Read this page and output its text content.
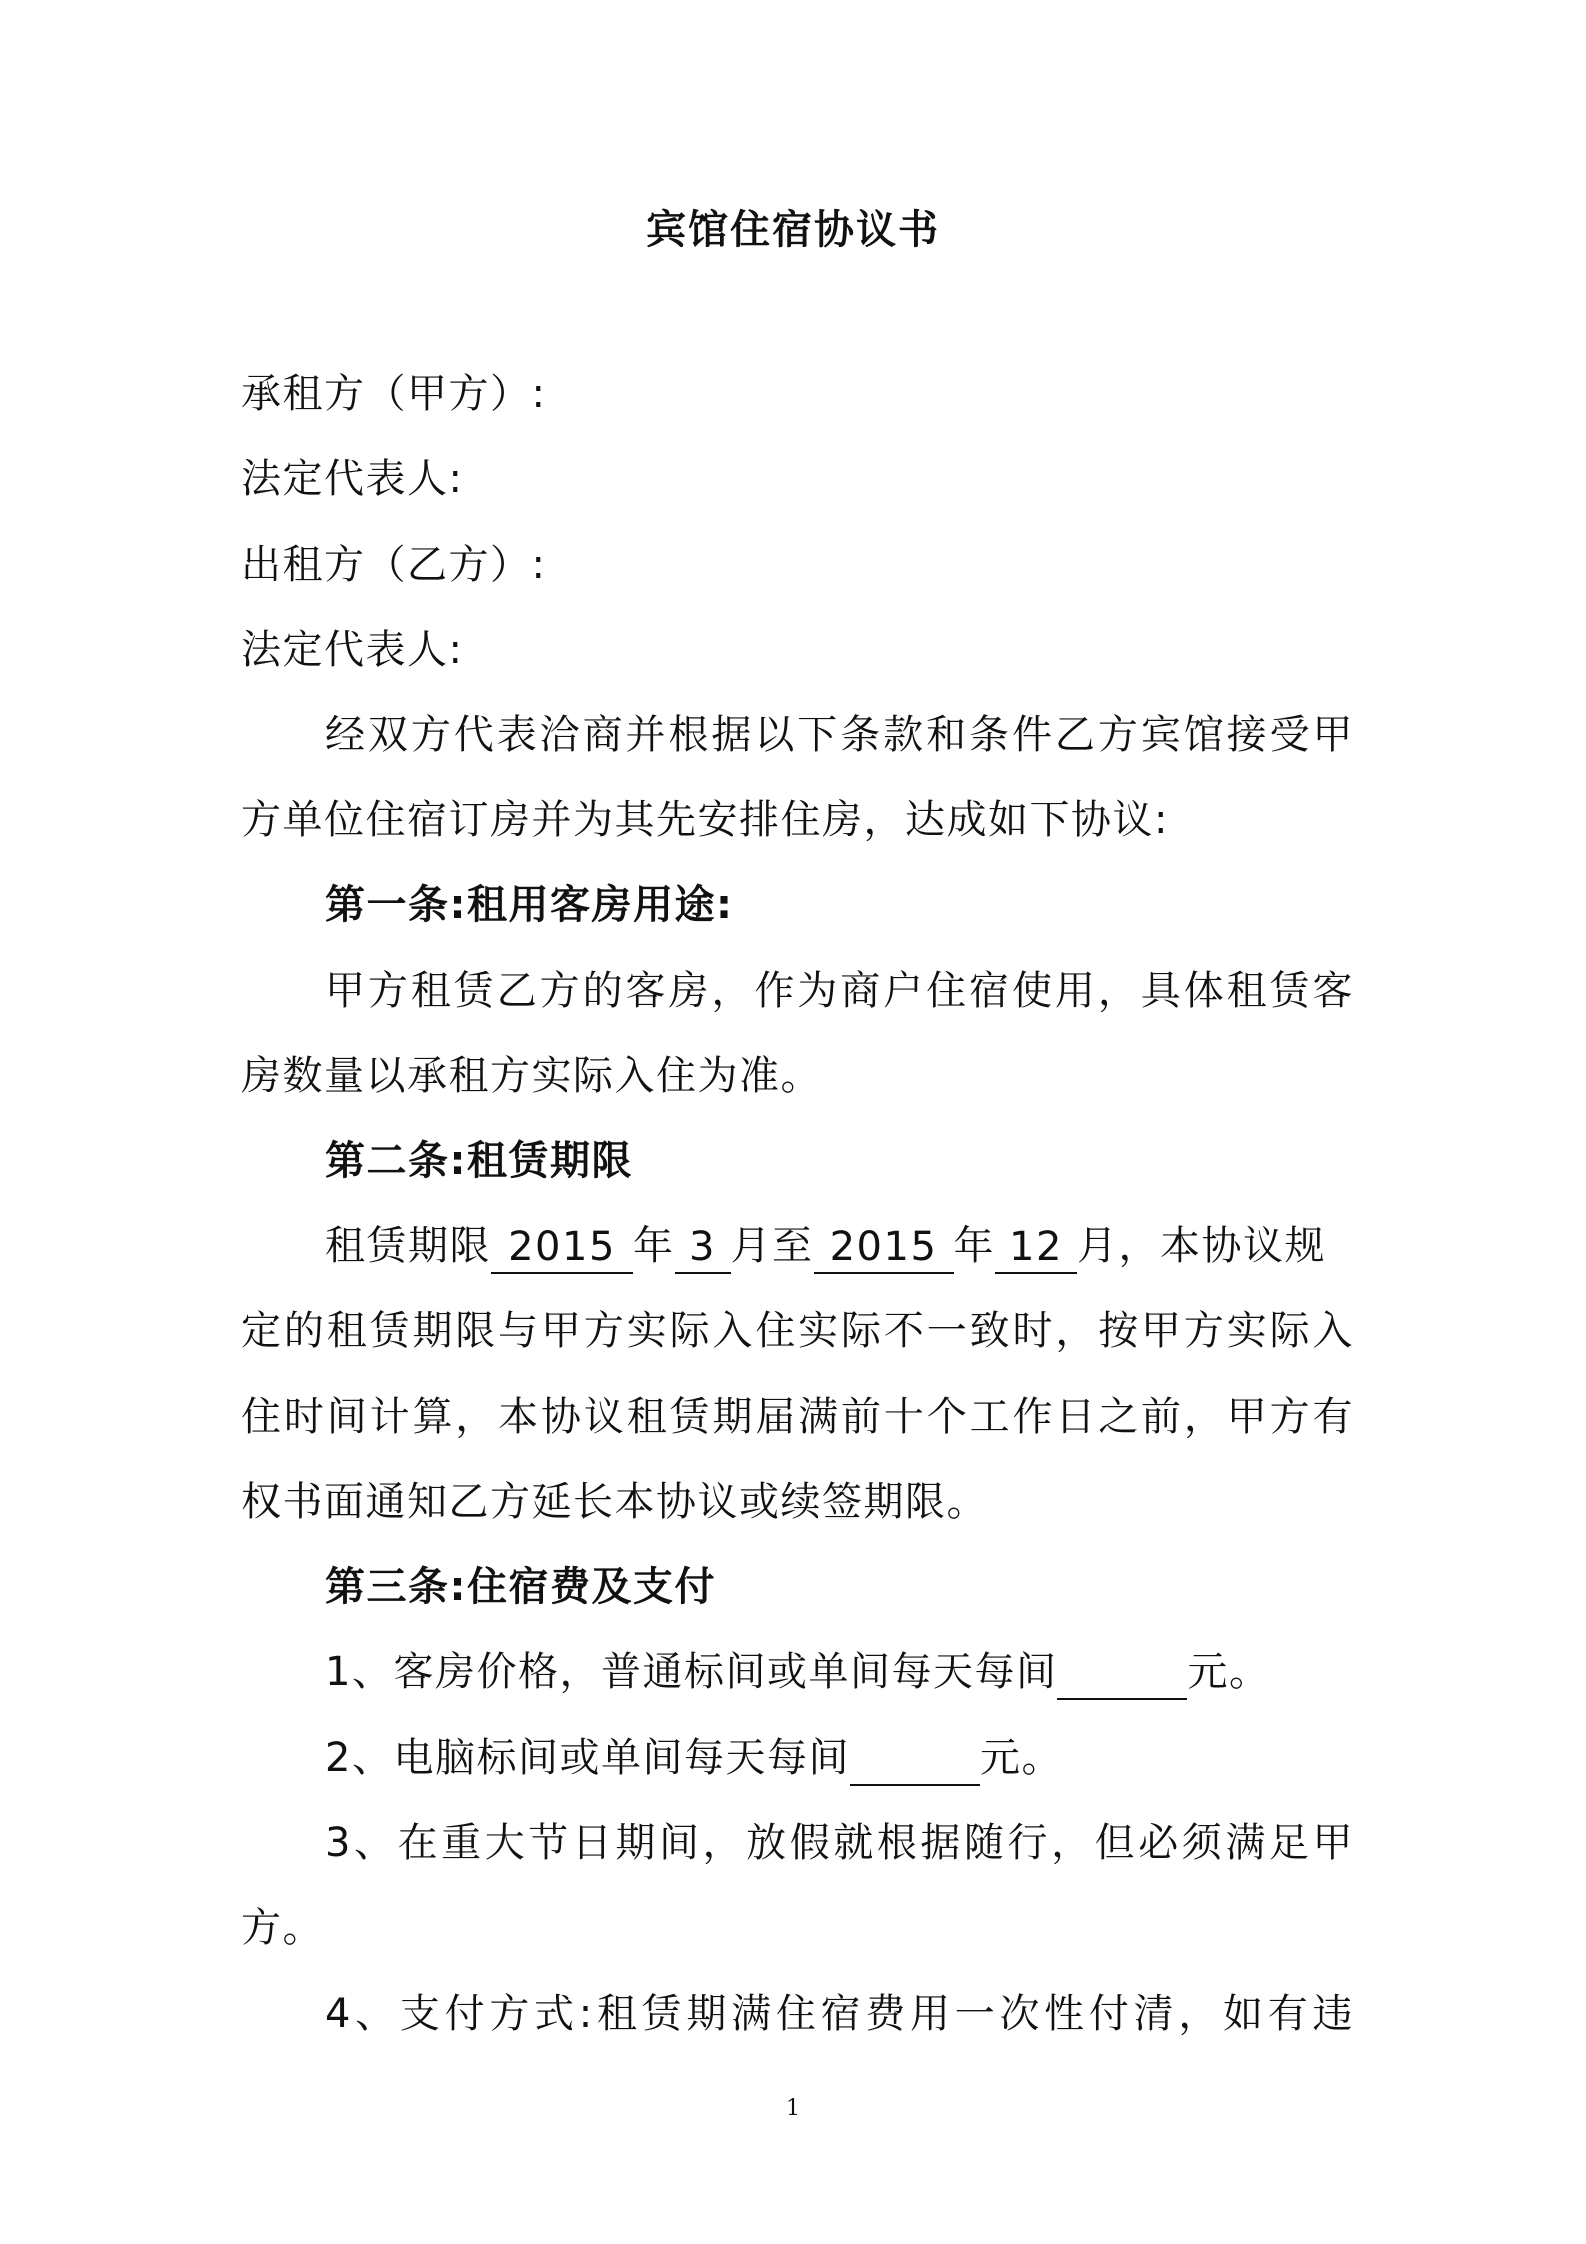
宾馆住宿协议书
承租方（甲方）:
法定代表人:
出租方（乙方）:
法定代表人:
经双方代表洽商并根据以下条款和条件乙方宾馆接受甲
方单位住宿订房并为其先安排住房，达成如下协议:
第一条:租用客房用途:
甲方租赁乙方的客房，作为商户住宿使用，具体租赁客
房数量以承租方实际入住为准。
第二条:租赁期限
租赁期限 2015 年 3 月至 2015 年 12 月，本协议规
定的租赁期限与甲方实际入住实际不一致时，按甲方实际入
住时间计算，本协议租赁期届满前十个工作日之前，甲方有
权书面通知乙方延长本协议或续签期限。
第三条:住宿费及支付
1、客房价格，普通标间或单间每天每间	元。
2、电脑标间或单间每天每间	元。
3、在重大节日期间，放假就根据随行，但必须满足甲
方。
4、支付方式:租赁期满住宿费用一次性付清，如有违
1
